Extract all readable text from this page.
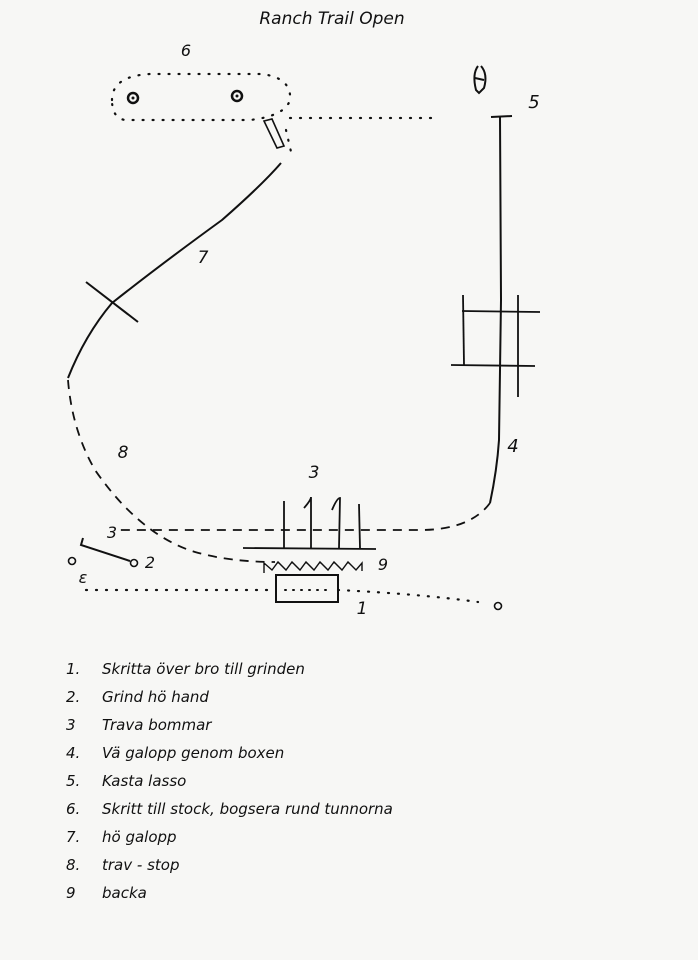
Ranch Trail Open
6
5
7
4
8
3
3
2	9
ε
1
1. Skritta över bro till grinden
2. Grind hö hand
3 Trava bommar
4. Vä galopp genom boxen
5. Kasta lasso
6. Skritt till stock, bogsera rund tunnorna
7. hö galopp
8. trav - stop
9 backa
